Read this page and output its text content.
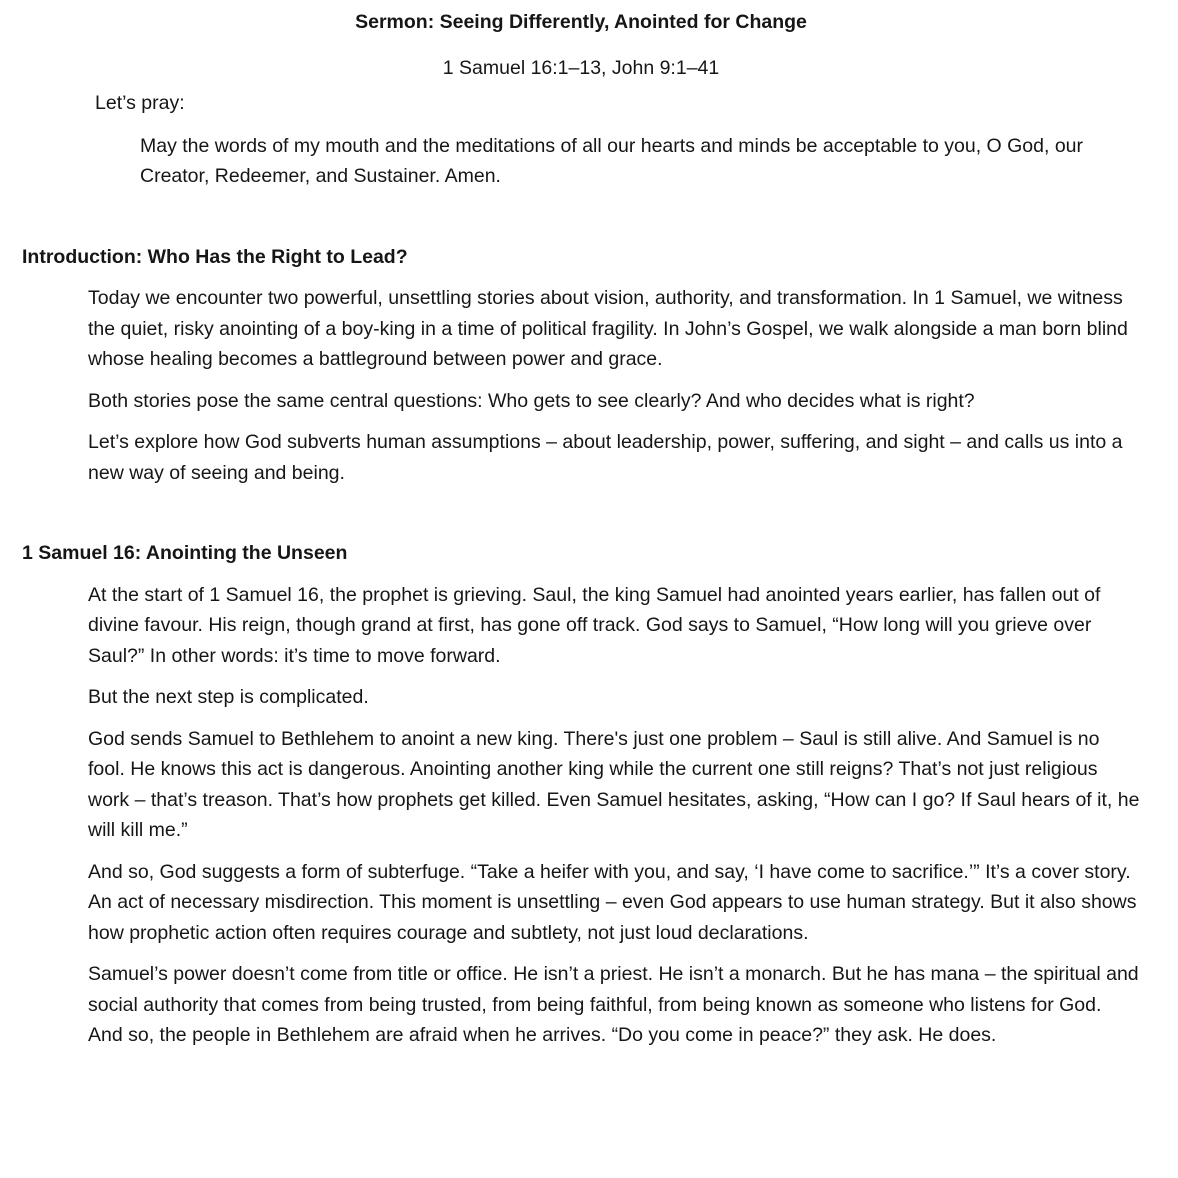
Sermon: Seeing Differently, Anointed for Change
1 Samuel 16:1–13, John 9:1–41
Let’s pray:
May the words of my mouth and the meditations of all our hearts and minds be acceptable to you, O God, our Creator, Redeemer, and Sustainer. Amen.
Introduction: Who Has the Right to Lead?

Today we encounter two powerful, unsettling stories about vision, authority, and transformation. In 1 Samuel, we witness the quiet, risky anointing of a boy-king in a time of political fragility. In John’s Gospel, we walk alongside a man born blind whose healing becomes a battleground between power and grace.

Both stories pose the same central questions: Who gets to see clearly? And who decides what is right?

Let’s explore how God subverts human assumptions – about leadership, power, suffering, and sight – and calls us into a new way of seeing and being.

1 Samuel 16: Anointing the Unseen

At the start of 1 Samuel 16, the prophet is grieving. Saul, the king Samuel had anointed years earlier, has fallen out of divine favour. His reign, though grand at first, has gone off track. God says to Samuel, “How long will you grieve over Saul?” In other words: it’s time to move forward.

But the next step is complicated.

God sends Samuel to Bethlehem to anoint a new king. There's just one problem – Saul is still alive. And Samuel is no fool. He knows this act is dangerous. Anointing another king while the current one still reigns? That’s not just religious work – that’s treason. That’s how prophets get killed. Even Samuel hesitates, asking, “How can I go? If Saul hears of it, he will kill me.”

And so, God suggests a form of subterfuge. “Take a heifer with you, and say, ‘I have come to sacrifice.’” It’s a cover story. An act of necessary misdirection. This moment is unsettling – even God appears to use human strategy. But it also shows how prophetic action often requires courage and subtlety, not just loud declarations.

Samuel’s power doesn’t come from title or office. He isn’t a priest. He isn’t a monarch. But he has mana – the spiritual and social authority that comes from being trusted, from being faithful, from being known as someone who listens for God. And so, the people in Bethlehem are afraid when he arrives. “Do you come in peace?” they ask. He does.
